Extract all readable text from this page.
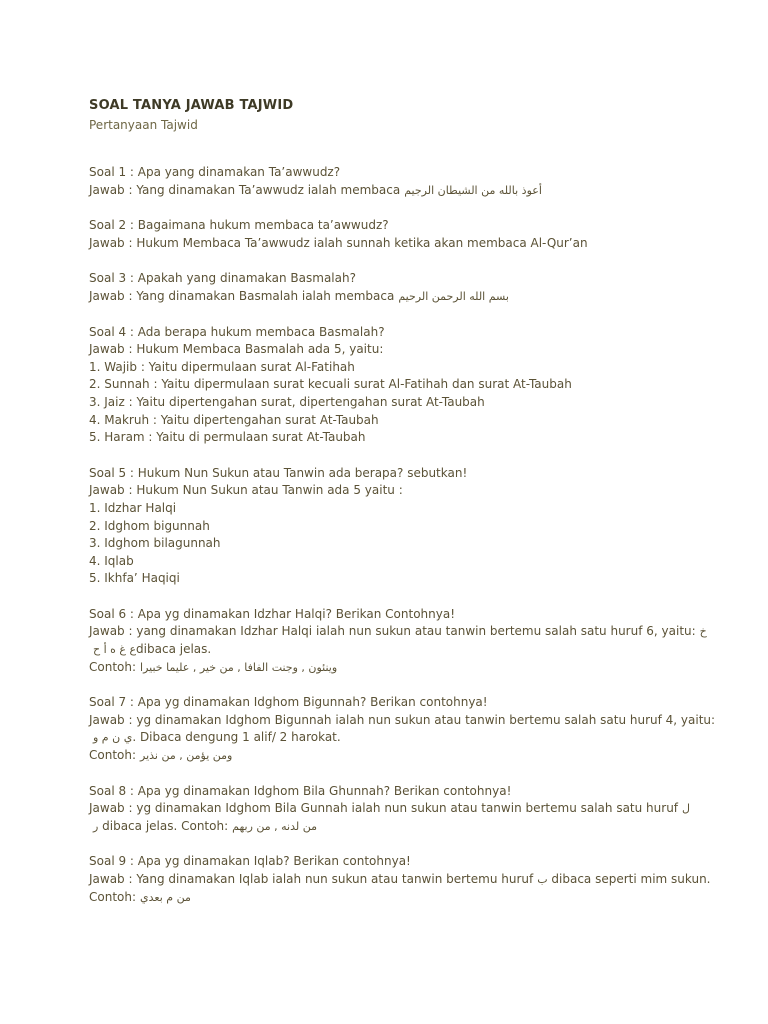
SOAL TANYA JAWAB TAJWID
Pertanyaan Tajwid
Soal 1 : Apa yang dinamakan Ta’awwudz?
Jawab : Yang dinamakan Ta’awwudz ialah membaca أعوذ بالله من الشيطان الرجيم
Soal 2 : Bagaimana hukum membaca ta’awwudz?
Jawab : Hukum Membaca Ta’awwudz ialah sunnah ketika akan membaca Al-Qur’an
Soal 3 : Apakah yang dinamakan Basmalah?
Jawab : Yang dinamakan Basmalah ialah membaca بسم الله الرحمن الرحيم
Soal 4 : Ada berapa hukum membaca Basmalah?
Jawab : Hukum Membaca Basmalah ada 5, yaitu:
1. Wajib : Yaitu dipermulaan surat Al-Fatihah
2. Sunnah : Yaitu dipermulaan surat kecuali surat Al-Fatihah dan surat At-Taubah
3. Jaiz : Yaitu dipertengahan surat, dipertengahan surat At-Taubah
4. Makruh : Yaitu dipertengahan surat At-Taubah
5. Haram : Yaitu di permulaan surat At-Taubah
Soal 5 : Hukum Nun Sukun atau Tanwin ada berapa? sebutkan!
Jawab : Hukum Nun Sukun atau Tanwin ada 5 yaitu :
1. Idzhar Halqi
2. Idghom bigunnah
3. Idghom bilagunnah
4. Iqlab
5. Ikhfa’ Haqiqi
Soal 6 : Apa yg dinamakan Idzhar Halqi? Berikan Contohnya!
Jawab : yang dinamakan Idzhar Halqi ialah nun sukun atau tanwin bertemu salah satu huruf 6, yaitu: خ
ع غ ه أ حdibaca jelas.
Contoh: وينئون , وجنت الفافا , من خير , عليما خبيرا
Soal 7 : Apa yg dinamakan Idghom Bigunnah? Berikan contohnya!
Jawab : yg dinamakan Idghom Bigunnah ialah nun sukun atau tanwin bertemu salah satu huruf 4, yaitu:
ي ن م و. Dibaca dengung 1 alif/ 2 harokat.
Contoh: ومن يؤمن , من نذير
Soal 8 : Apa yg dinamakan Idghom Bila Ghunnah? Berikan contohnya!
Jawab : yg dinamakan Idghom Bila Gunnah ialah nun sukun atau tanwin bertemu salah satu huruf ل
ر dibaca jelas. Contoh: من لدنه , من ربهم
Soal 9 : Apa yg dinamakan Iqlab? Berikan contohnya!
Jawab : Yang dinamakan Iqlab ialah nun sukun atau tanwin bertemu huruf ب dibaca seperti mim sukun.
Contoh: من م بعدي
